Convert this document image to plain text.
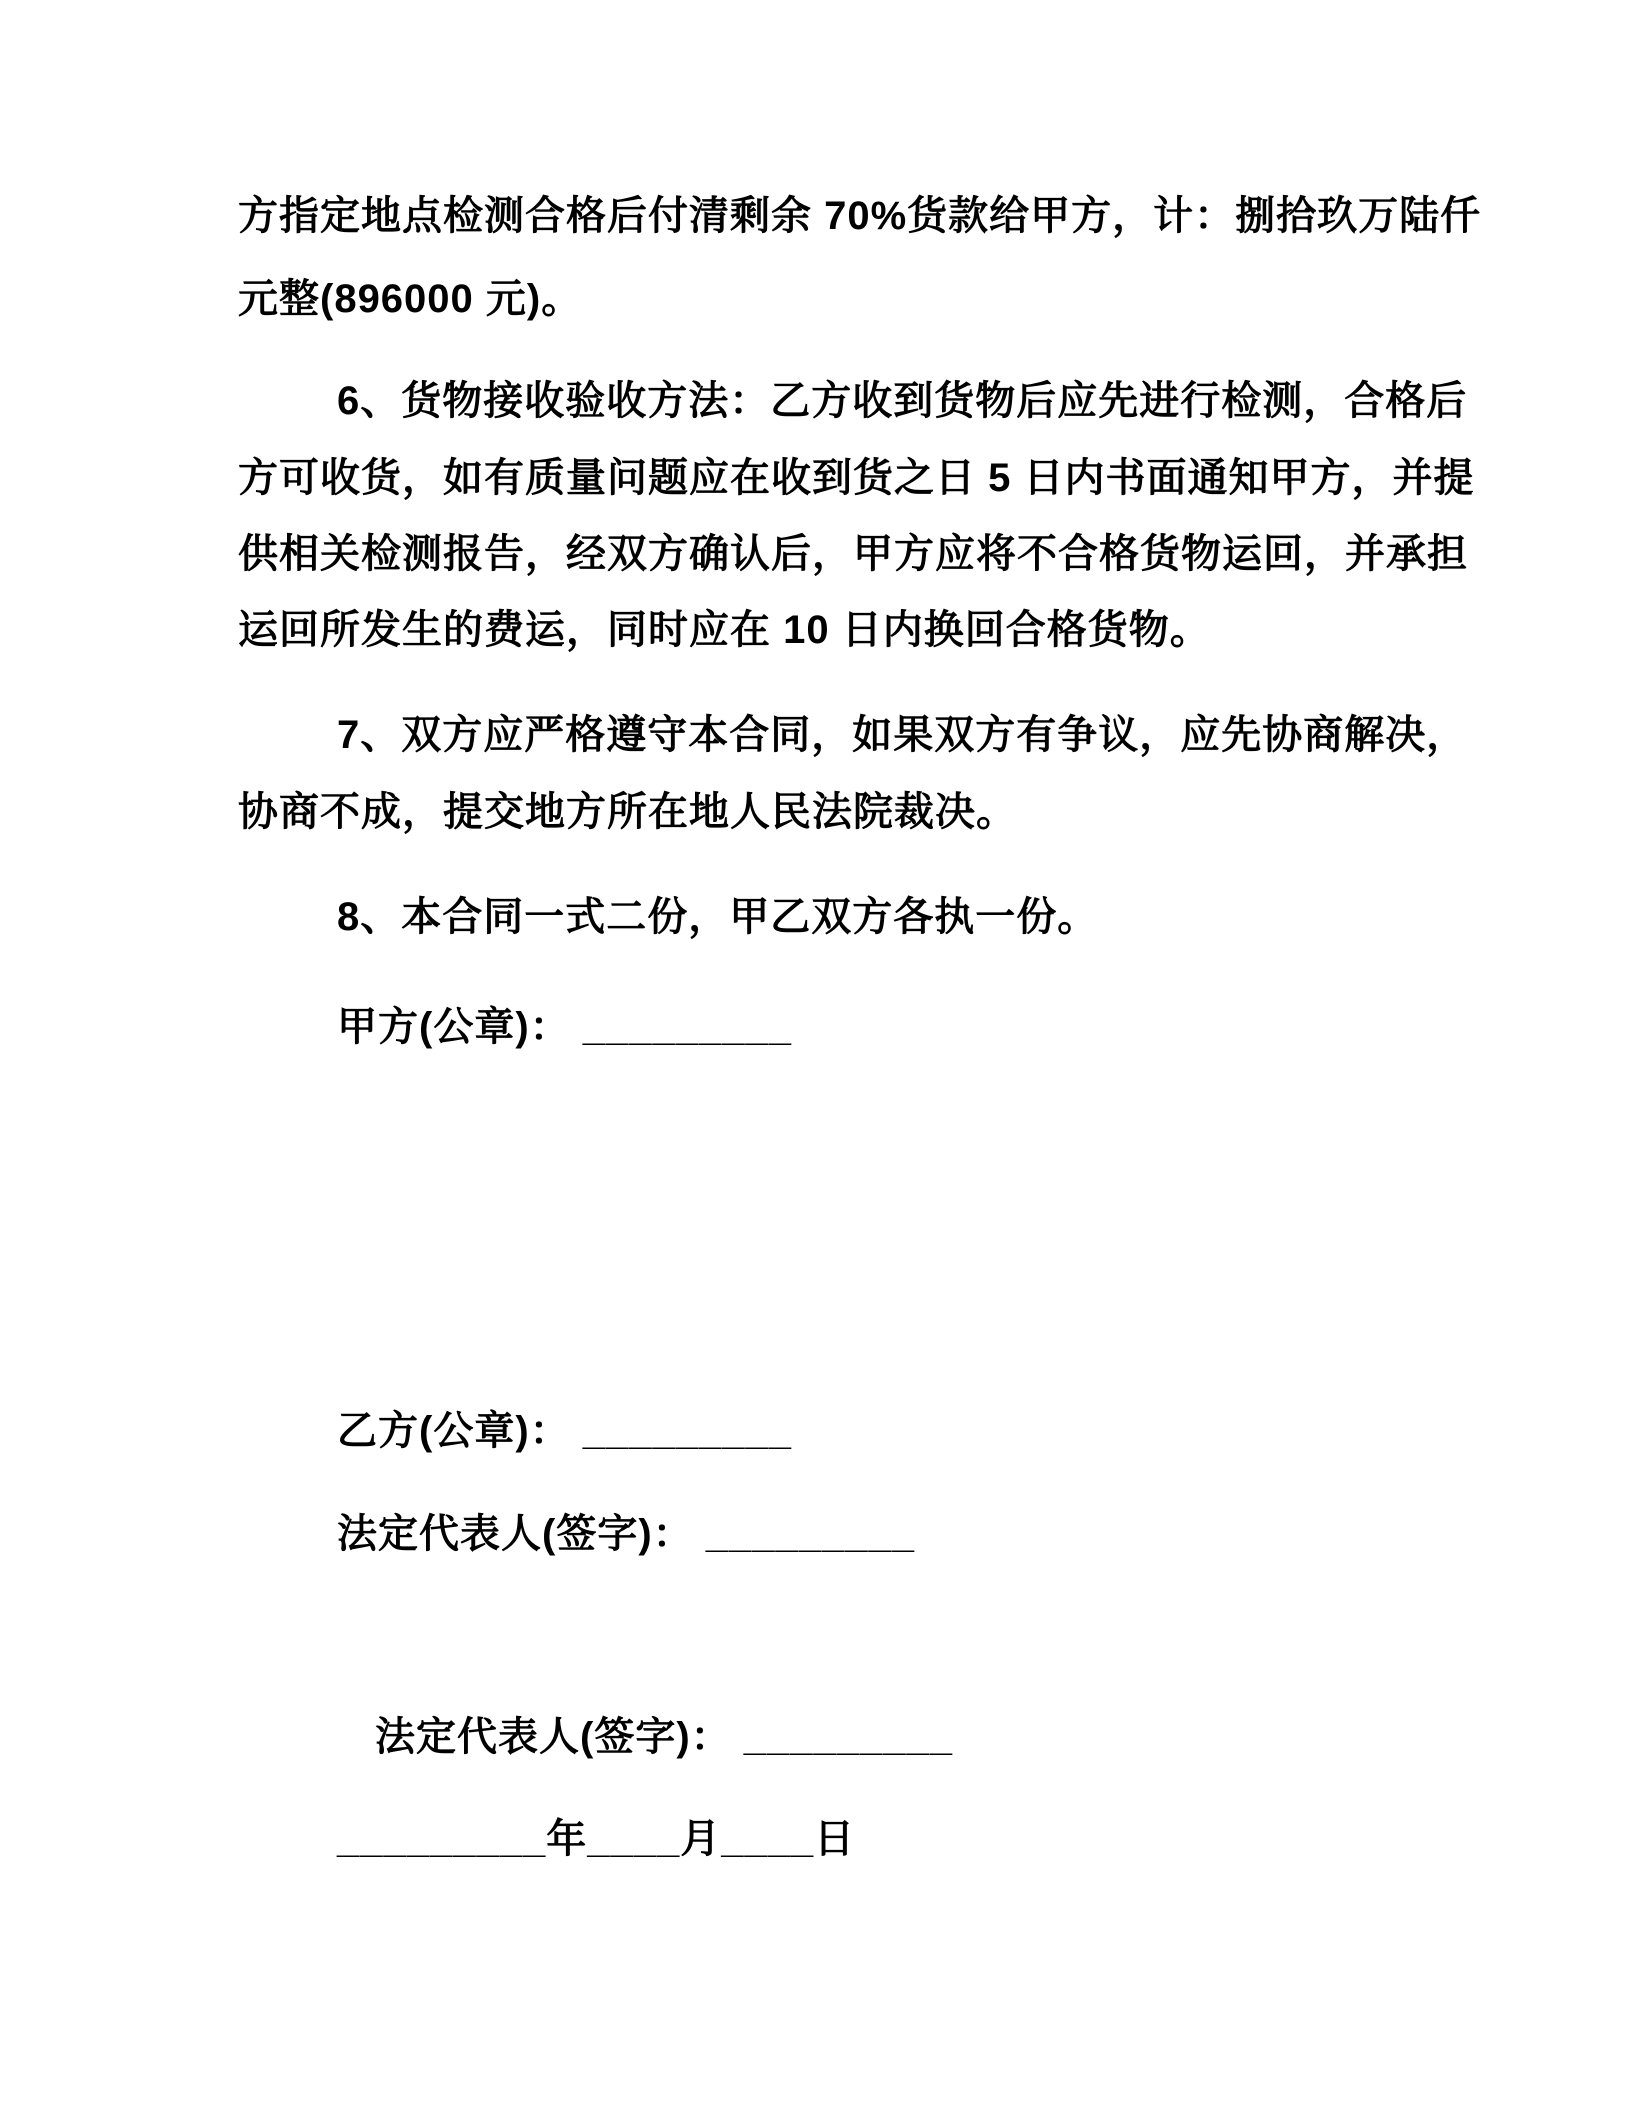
方指定地点检测合格后付清剩余 70%货款给甲方，计：捌拾玖万陆仟
元整(896000 元)。
6、货物接收验收方法：乙方收到货物后应先进行检测，合格后
方可收货，如有质量问题应在收到货之日 5 日内书面通知甲方，并提
供相关检测报告，经双方确认后，甲方应将不合格货物运回，并承担
运回所发生的费运，同时应在 10 日内换回合格货物。
7、双方应严格遵守本合同，如果双方有争议，应先协商解决，
协商不成，提交地方所在地人民法院裁决。
8、本合同一式二份，甲乙双方各执一份。
甲方(公章)： _________
乙方(公章)： _________
法定代表人(签字)： _________
法定代表人(签字)： _________
_________年____月____日
